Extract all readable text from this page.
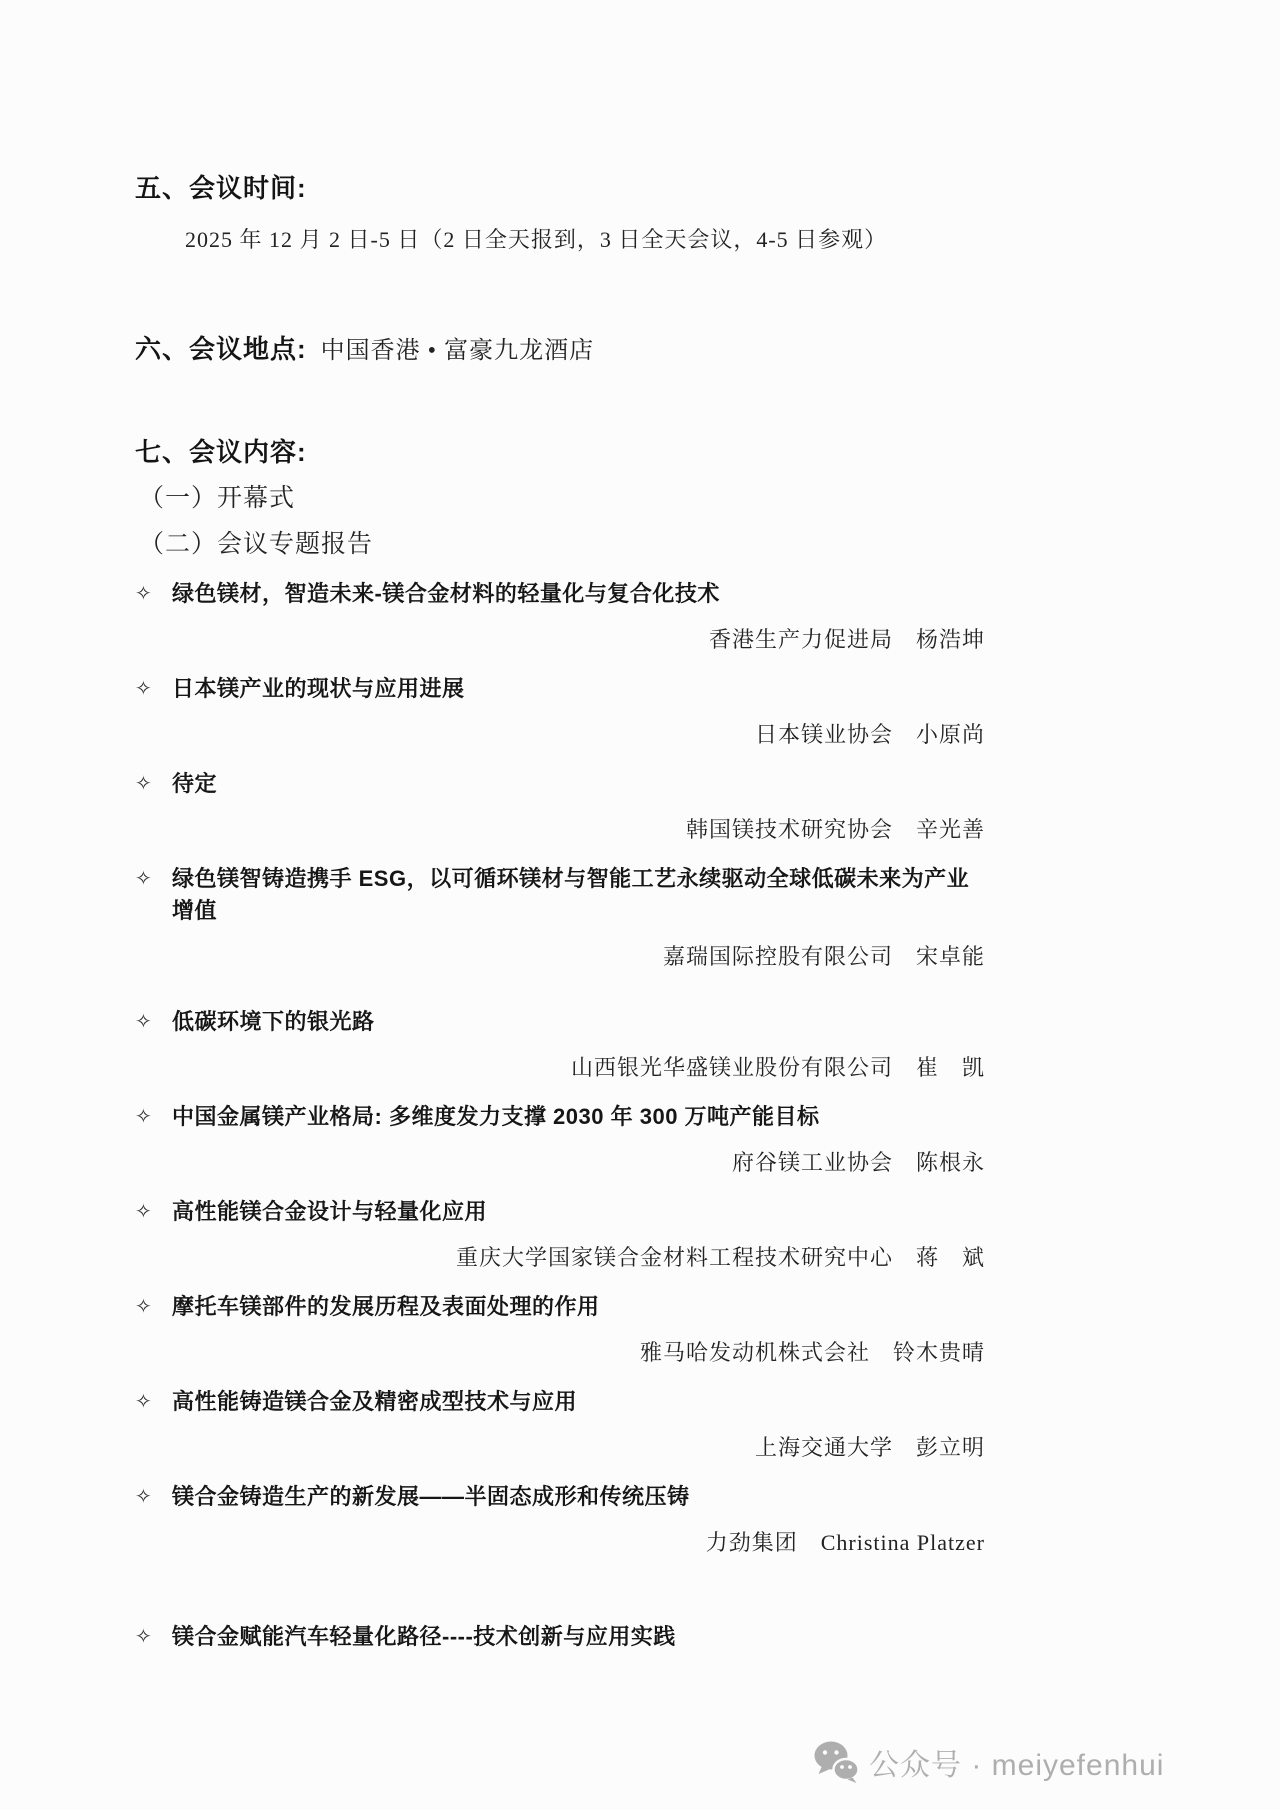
五、会议时间:
2025 年 12 月 2 日-5 日（2 日全天报到，3 日全天会议，4-5 日参观）
六、会议地点: 中国香港 • 富豪九龙酒店
七、会议内容:
（一）开幕式
（二）会议专题报告
✧ 绿色镁材，智造未来-镁合金材料的轻量化与复合化技术
香港生产力促进局　杨浩坤
✧ 日本镁产业的现状与应用进展
日本镁业协会　小原尚
✧ 待定
韩国镁技术研究协会　辛光善
✧ 绿色镁智铸造携手 ESG，以可循环镁材与智能工艺永续驱动全球低碳未来为产业增值
嘉瑞国际控股有限公司　宋卓能
✧ 低碳环境下的银光路
山西银光华盛镁业股份有限公司　崔　凯
✧ 中国金属镁产业格局: 多维度发力支撑 2030 年 300 万吨产能目标
府谷镁工业协会　陈根永
✧ 高性能镁合金设计与轻量化应用
重庆大学国家镁合金材料工程技术研究中心　蒋　斌
✧ 摩托车镁部件的发展历程及表面处理的作用
雅马哈发动机株式会社　铃木贵晴
✧ 高性能铸造镁合金及精密成型技术与应用
上海交通大学　彭立明
✧ 镁合金铸造生产的新发展——半固态成形和传统压铸
力劲集团　Christina Platzer
✧ 镁合金赋能汽车轻量化路径----技术创新与应用实践
公众号 · meiyefenhui
